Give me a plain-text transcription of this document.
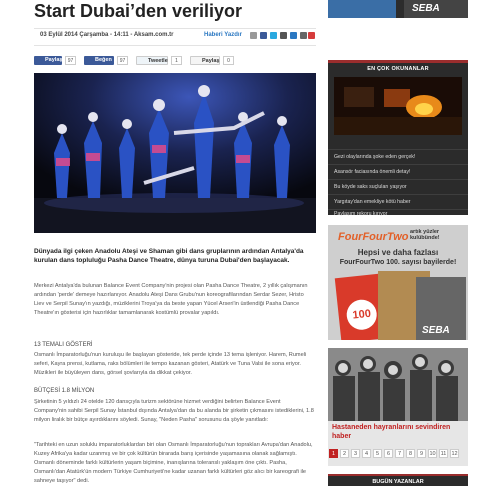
Start Dubai’den veriliyor
03 Eylül 2014 Çarşamba - 14:11 - Aksam.com.tr	Haberi Yazdır
Paylaş	97	Beğen	97	Tweetle	1	Paylaş	0
Dünyada ilgi çeken Anadolu Ateşi ve Shaman gibi dans gruplarının ardından Antalya'da kurulan dans topluluğu Pasha Dance Theatre, dünya turuna Dubai'den başlayacak.
Merkezi Antalya'da bulunan Balance Event Company'nin projesi olan Pasha Dance Theatre, 2 yıllık çalışmanın ardından 'perde' demeye hazırlanıyor. Anadolu Ateşi Dans Grubu'nun koreografilarından Serdar Sezer, Hristo Liev ve Serpil Sunay'ın yazdığı, müziklerini Troya'ya da beste yapan Yücel Arseri'in üstlendiği Pasha Dance Theatre'ın gösterisi için hazırlıklar tamamlanarak kostümlü provalar yapıldı.
13 TEMALI GÖSTERİ
Osmanlı İmparatorluğu'nun kuruluşu ile başlayan gösteride, tek perde içinde 13 tema işleniyor. Harem, Rumeli seferi, Kayra prensi, kutlama, raks bölümleri ile tempo kazanan gösteri, Atatürk ve Tuna Valsi ile sona eriyor. Müzikleri ile büyüleyen dans, görsel şovlarıyla da dikkat çekiyor.
BÜTÇESİ 1.8 MİLYON
Şirketinin 5 yıldızlı 24 otelde 120 dansçıyla turizm sektörüne hizmet verdiğini belirten Balance Event Company'nin sahibi Serpil Sunay İstanbul dışında Antalya'dan da bu alanda bir şirketin çıkmasını istediklerini, 1.8 milyon liralık bir bütçe ayırdıklarını söyledi. Sunay, "Neden Pasha" sorusunu da şöyle yanıtladı:
"Tarihteki en uzun soluklu imparatorluklardan biri olan Osmanlı İmparatorluğu'nun toprakları Avrupa'dan Anadolu, Kuzey Afrika'ya kadar uzanmış ve bir çok kültürün birarada barış içerisinde yaşamasına olanak sağlamıştı. Osmanlı döneminde farklı kültürlerin yaşam biçimine, inanışlarına toleranslı yaklaşım öne çıktı. Pasha, Osmanlı'dan Atatürk'ün modern Türkiye Cumhuriyeti'ne kadar uzanan farklı kültürleri göz alıcı bir kareografi ile sahneye taşıyor" dedi.
SEBA
EN ÇOK OKUNANLAR
Gezi olaylarında şoke eden gerçek!
Asansör faciasında önemli detay!
Bu köyde saks suçluları yaşıyor
Yargıtay'dan emekliye kötü haber
Paylaşım rekoru kırıyor
FourFourTwo artık yüzler kulübünde!
Hepsi ve daha fazlası
FourFourTwo 100. sayısı bayilerde!
100
SEBA
Hastaneden hayranlarını sevindiren haber
1	2	3	4	5	6	7	8	9	10 11 12
BUGÜN YAZANLAR
